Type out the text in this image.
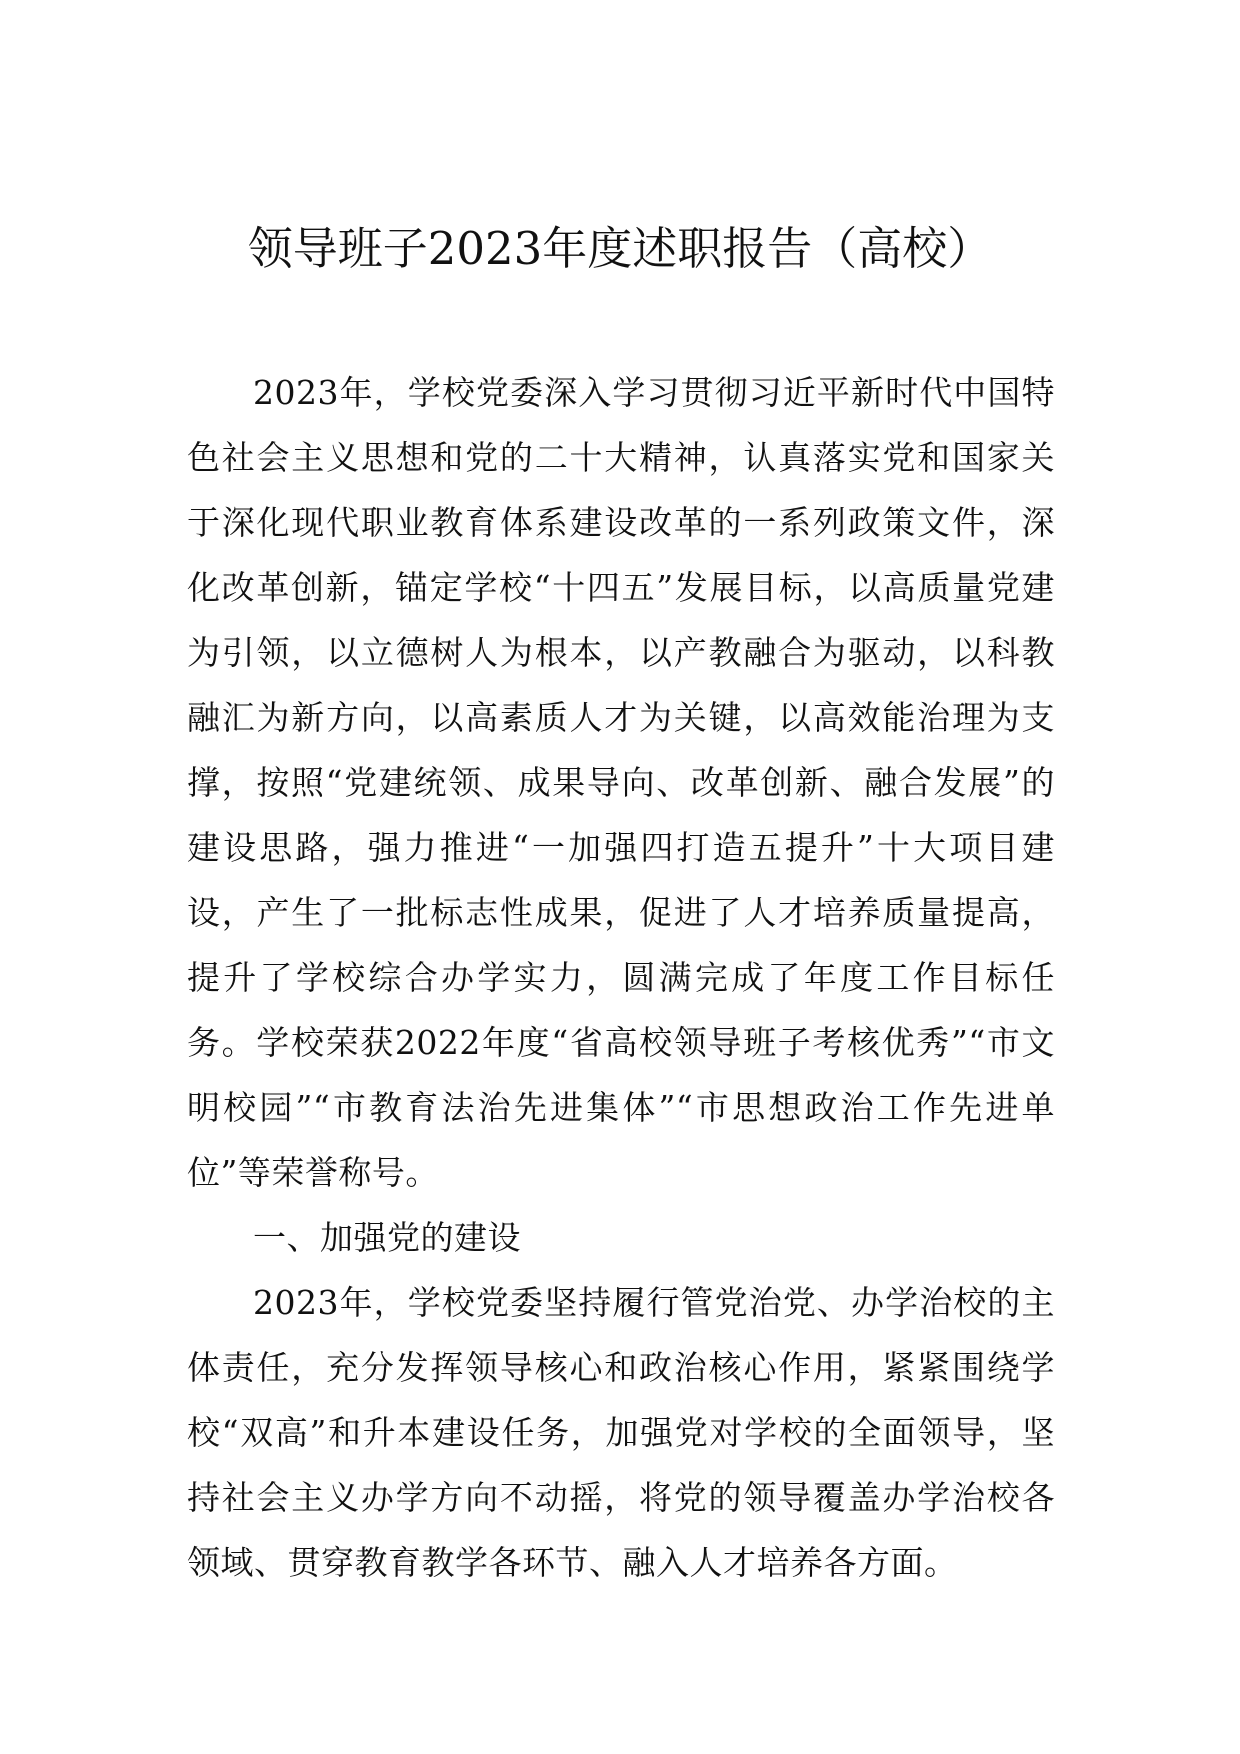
领导班子2023年度述职报告（高校）

2023年，学校党委深入学习贯彻习近平新时代中国特色社会主义思想和党的二十大精神，认真落实党和国家关于深化现代职业教育体系建设改革的一系列政策文件，深化改革创新，锚定学校“十四五”发展目标，以高质量党建为引领，以立德树人为根本，以产教融合为驱动，以科教融汇为新方向，以高素质人才为关键，以高效能治理为支撑，按照“党建统领、成果导向、改革创新、融合发展”的建设思路，强力推进“一加强四打造五提升”十大项目建设，产生了一批标志性成果，促进了人才培养质量提高，提升了学校综合办学实力，圆满完成了年度工作目标任务。学校荣获2022年度“省高校领导班子考核优秀”“市文明校园”“市教育法治先进集体”“市思想政治工作先进单位”等荣誉称号。

一、加强党的建设

2023年，学校党委坚持履行管党治党、办学治校的主体责任，充分发挥领导核心和政治核心作用，紧紧围绕学校“双高”和升本建设任务，加强党对学校的全面领导，坚持社会主义办学方向不动摇，将党的领导覆盖办学治校各领域、贯穿教育教学各环节、融入人才培养各方面。
